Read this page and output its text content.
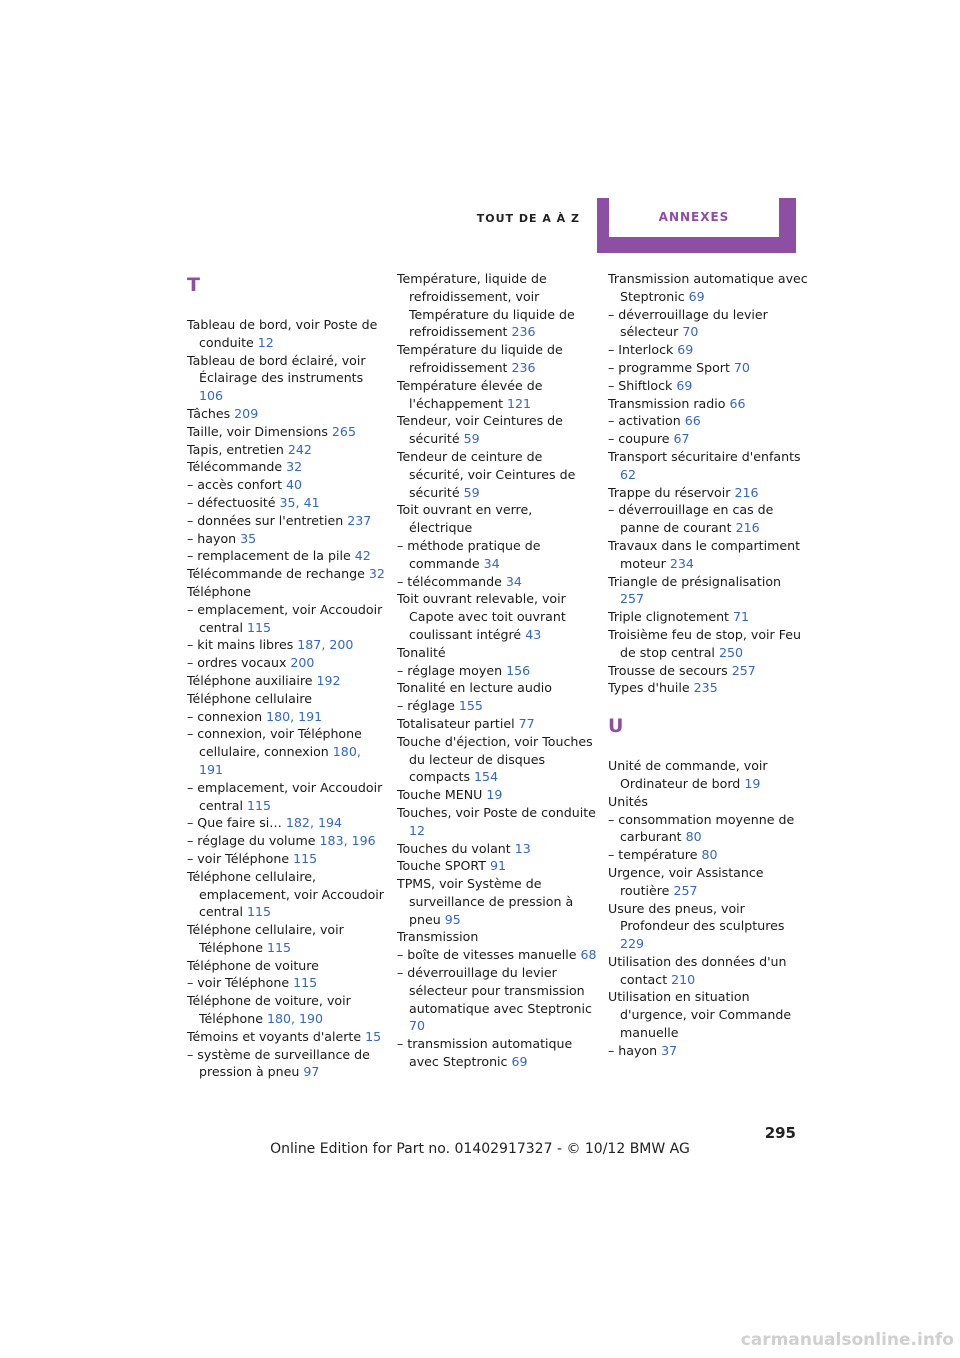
TOUT DE A À Z	ANNEXES
T
Tableau de bord, voir Poste de conduite 12
Tableau de bord éclairé, voir Éclairage des instruments 106
Tâches 209
Taille, voir Dimensions 265
Tapis, entretien 242
Télécommande 32
– accès confort 40
– défectuosité 35, 41
– données sur l'entretien 237
– hayon 35
– remplacement de la pile 42
Télécommande de rechange 32
Téléphone
– emplacement, voir Accoudoir central 115
– kit mains libres 187, 200
– ordres vocaux 200
Téléphone auxiliaire 192
Téléphone cellulaire
– connexion 180, 191
– connexion, voir Téléphone cellulaire, connexion 180, 191
– emplacement, voir Accoudoir central 115
– Que faire si… 182, 194
– réglage du volume 183, 196
– voir Téléphone 115
Téléphone cellulaire, emplacement, voir Accoudoir central 115
Téléphone cellulaire, voir Téléphone 115
Téléphone de voiture
– voir Téléphone 115
Téléphone de voiture, voir Téléphone 180, 190
Témoins et voyants d'alerte 15
– système de surveillance de pression à pneu 97
Température, liquide de refroidissement, voir Température du liquide de refroidissement 236
Température du liquide de refroidissement 236
Température élevée de l'échappement 121
Tendeur, voir Ceintures de sécurité 59
Tendeur de ceinture de sécurité, voir Ceintures de sécurité 59
Toit ouvrant en verre, électrique
– méthode pratique de commande 34
– télécommande 34
Toit ouvrant relevable, voir Capote avec toit ouvrant coulissant intégré 43
Tonalité
– réglage moyen 156
Tonalité en lecture audio
– réglage 155
Totalisateur partiel 77
Touche d'éjection, voir Touches du lecteur de disques compacts 154
Touche MENU 19
Touches, voir Poste de conduite 12
Touches du volant 13
Touche SPORT 91
TPMS, voir Système de surveillance de pression à pneu 95
Transmission
– boîte de vitesses manuelle 68
– déverrouillage du levier sélecteur pour transmission automatique avec Steptronic 70
– transmission automatique avec Steptronic 69
Transmission automatique avec Steptronic 69
– déverrouillage du levier sélecteur 70
– Interlock 69
– programme Sport 70
– Shiftlock 69
Transmission radio 66
– activation 66
– coupure 67
Transport sécuritaire d'enfants 62
Trappe du réservoir 216
– déverrouillage en cas de panne de courant 216
Travaux dans le compartiment moteur 234
Triangle de présignalisation 257
Triple clignotement 71
Troisième feu de stop, voir Feu de stop central 250
Trousse de secours 257
Types d'huile 235
U
Unité de commande, voir Ordinateur de bord 19
Unités
– consommation moyenne de carburant 80
– température 80
Urgence, voir Assistance routière 257
Usure des pneus, voir Profondeur des sculptures 229
Utilisation des données d'un contact 210
Utilisation en situation d'urgence, voir Commande manuelle
– hayon 37
295
Online Edition for Part no. 01402917327 - © 10/12 BMW AG
carmanualsonline.info
